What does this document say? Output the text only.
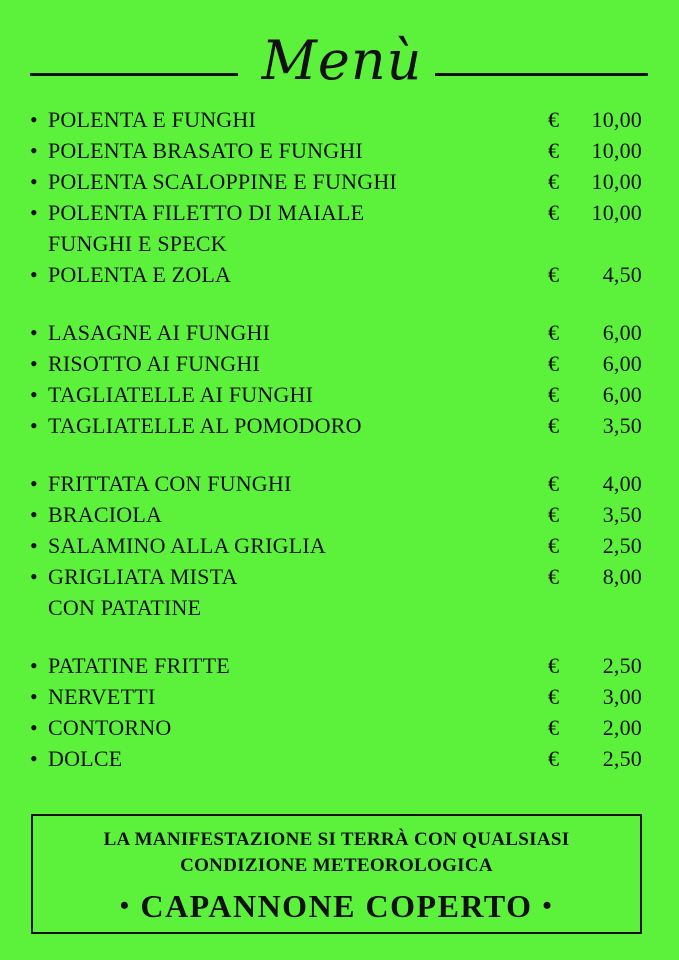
Menù
• POLENTA E FUNGHI	€ 10,00
• POLENTA BRASATO E FUNGHI	€ 10,00
• POLENTA SCALOPPINE E FUNGHI	€ 10,00
• POLENTA FILETTO DI MAIALE
FUNGHI E SPECK
€ 10,00
• POLENTA E ZOLA	€ 4,50
• LASAGNE AI FUNGHI	€ 6,00
• RISOTTO AI FUNGHI	€ 6,00
• TAGLIATELLE AI FUNGHI	€ 6,00
• TAGLIATELLE AL POMODORO	€ 3,50
• FRITTATA CON FUNGHI	€ 4,00
• BRACIOLA	€ 3,50
• SALAMINO ALLA GRIGLIA	€ 2,50
• GRIGLIATA MISTA
CON PATATINE
€ 8,00
• PATATINE FRITTE	€ 2,50
• NERVETTI	€ 3,00
• CONTORNO	€ 2,00
• DOLCE	€ 2,50
LA MANIFESTAZIONE SI TERRÀ CON QUALSIASI
CONDIZIONE METEOROLOGICA
• CAPANNONE COPERTO •
